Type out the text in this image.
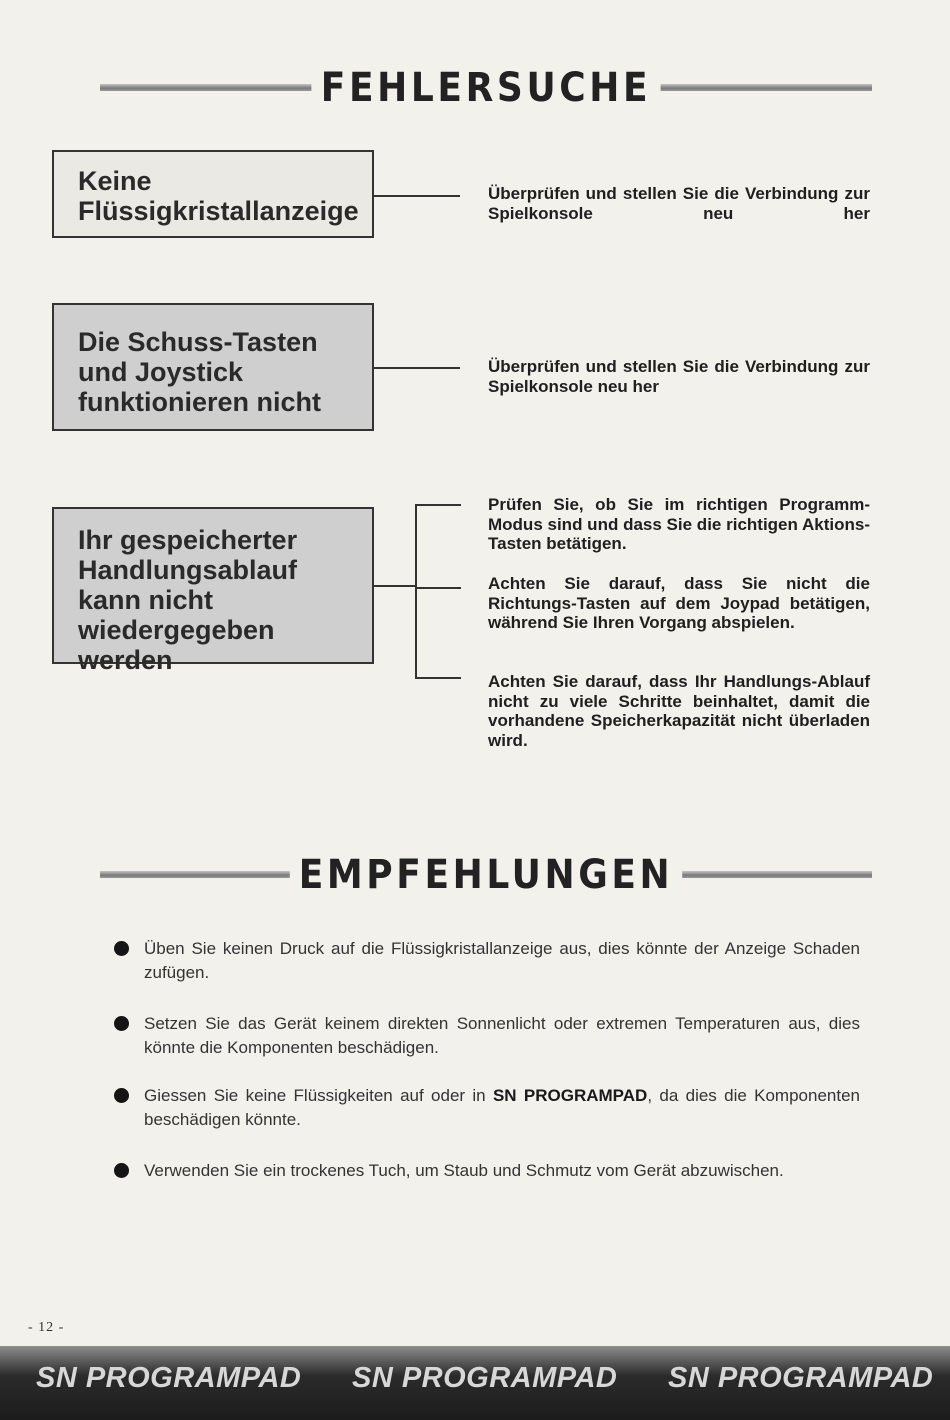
FEHLERSUCHE
Keine Flüssigkristallanzeige
Überprüfen und stellen Sie die Verbindung zur Spielkonsole neu her
Die Schuss-Tasten und Joystick funktionieren nicht
Überprüfen und stellen Sie die Verbindung zur Spielkonsole neu her
Ihr gespeicherter Handlungsablauf kann nicht wiedergegeben werden
Prüfen Sie, ob Sie im richtigen Programm-Modus sind und dass Sie die richtigen Aktions-Tasten betätigen.
Achten Sie darauf, dass Sie nicht die Richtungs-Tasten auf dem Joypad betätigen, während Sie Ihren Vorgang abspielen.
Achten Sie darauf, dass Ihr Handlungs-Ablauf nicht zu viele Schritte beinhaltet, damit die vorhandene Speicherkapazität nicht überladen wird.
EMPFEHLUNGEN
Üben Sie keinen Druck auf die Flüssigkristallanzeige aus, dies könnte der Anzeige Schaden zufügen.
Setzen Sie das Gerät keinem direkten Sonnenlicht oder extremen Temperaturen aus, dies könnte die Komponenten beschädigen.
Giessen Sie keine Flüssigkeiten auf oder in SN PROGRAMPAD, da dies die Komponenten beschädigen könnte.
Verwenden Sie ein trockenes Tuch, um Staub und Schmutz vom Gerät abzuwischen.
- 12 -
SN PROGRAMPAD SN PROGRAMPAD SN PROGRAMPAD
